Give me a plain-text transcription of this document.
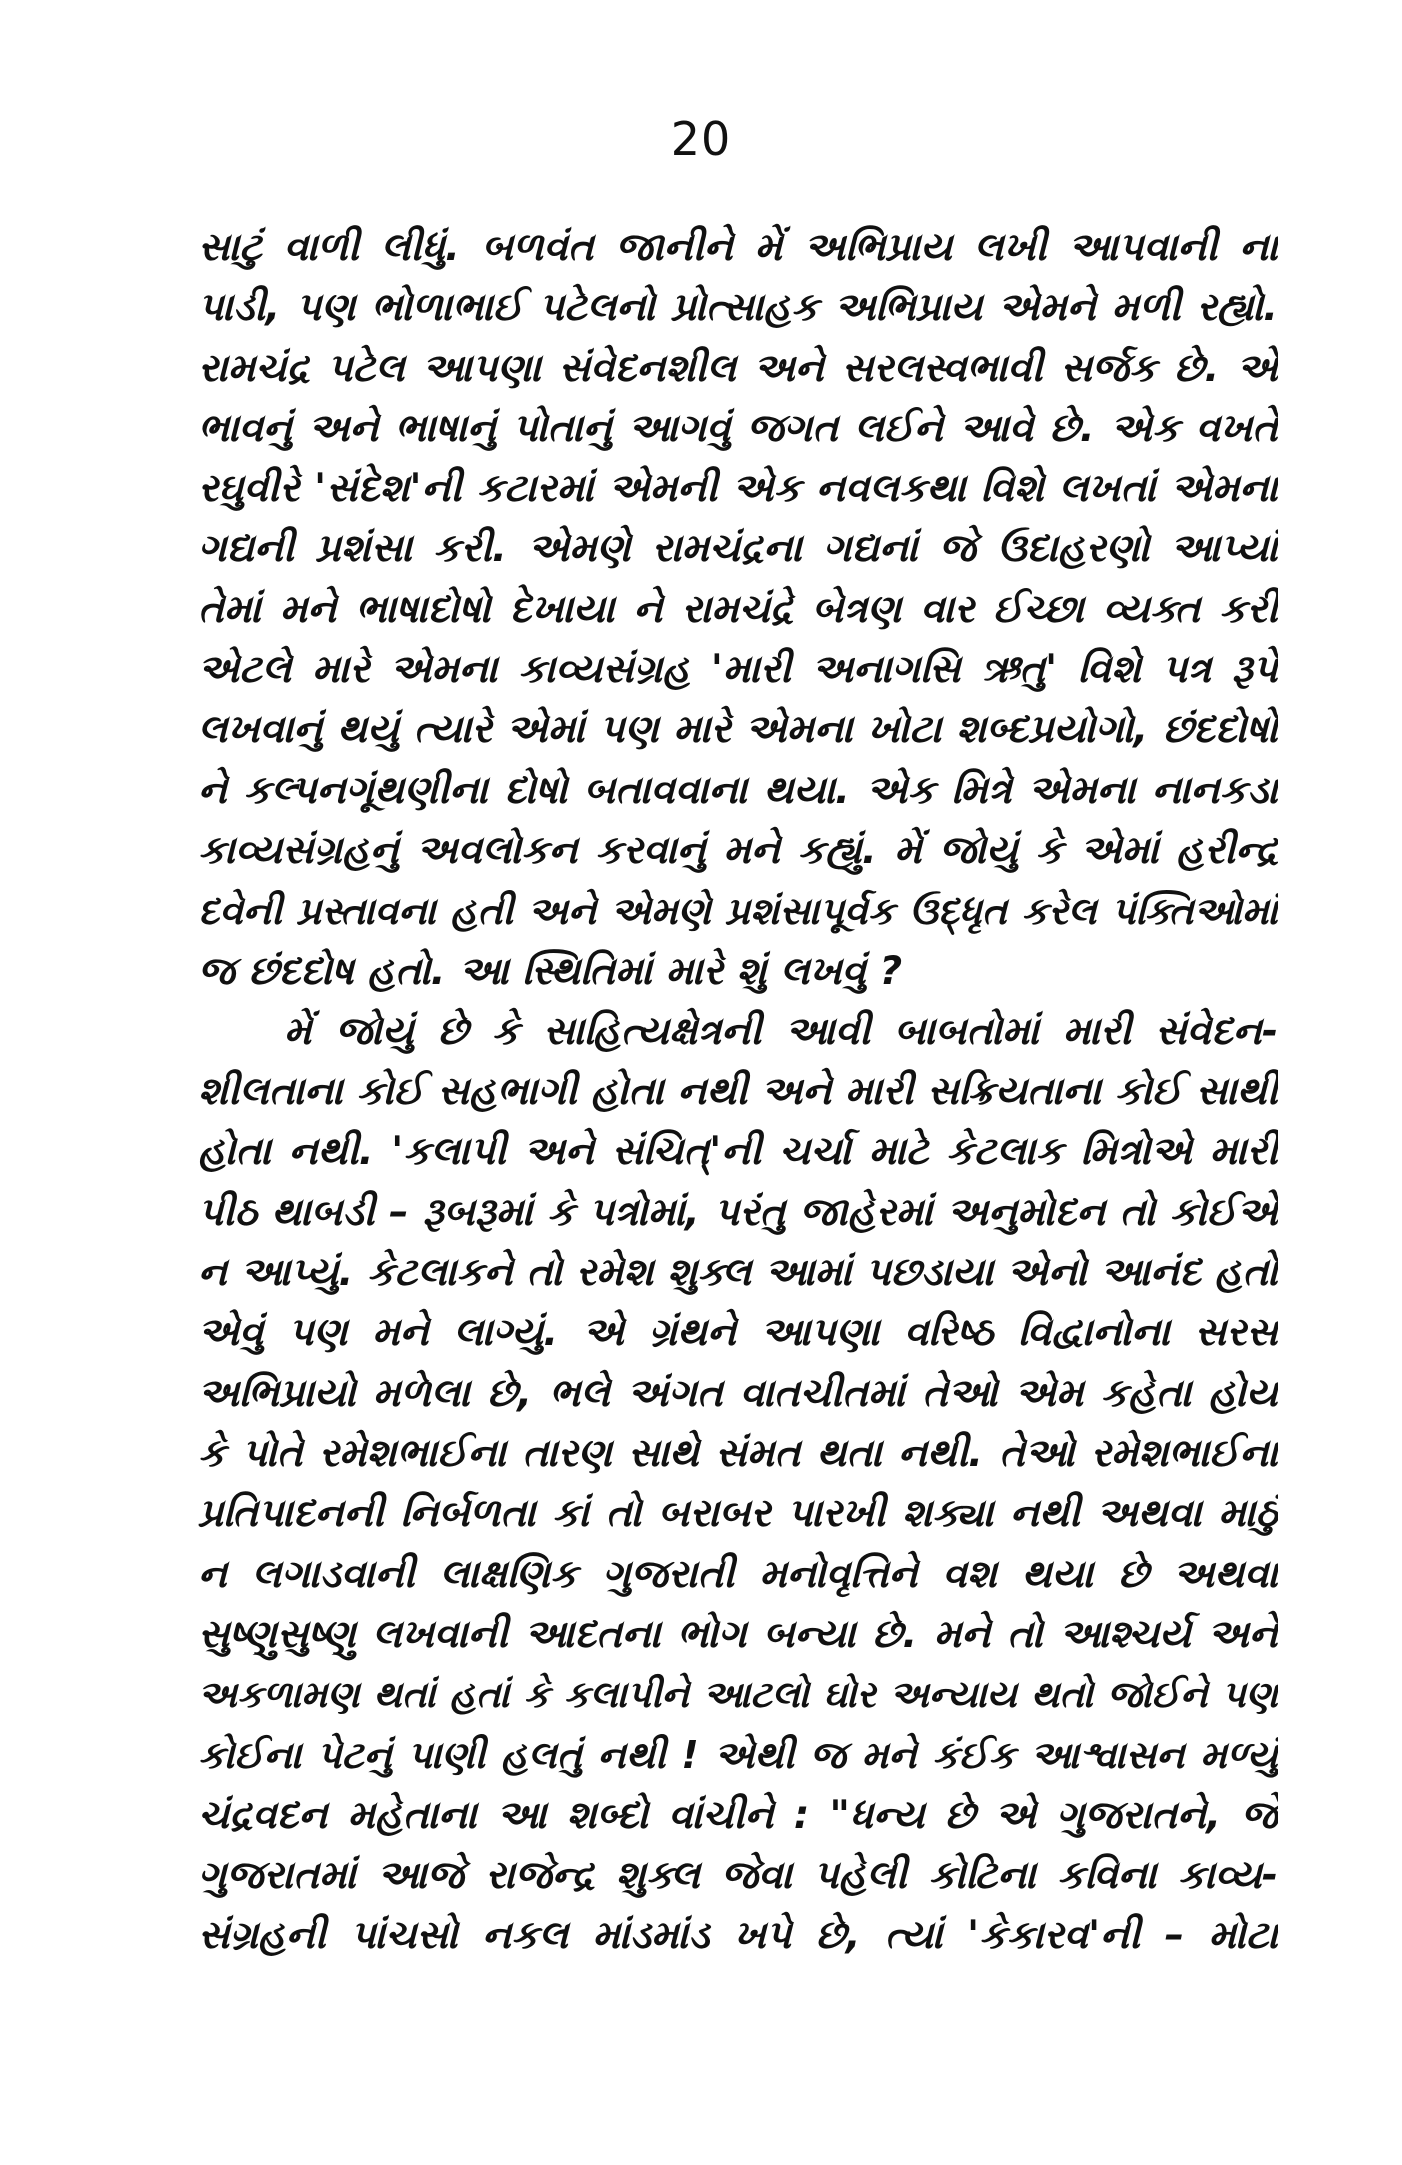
20
સાટું વાળી લીધું. બળવંત જાનીને મેં અભિપ્રાય લખી આપવાની ના
પાડી, પણ ભોળાભાઈ પટેલનો પ્રોત્સાહક અભિપ્રાય એમને મળી રહ્યો.
રામચંદ્ર પટેલ આપણા સંવેદનશીલ અને સરલસ્વભાવી સર્જક છે. એ
ભાવનું અને ભાષાનું પોતાનું આગવું જગત લઈને આવે છે. એક વખતે
રઘુવીરે 'સંદેશ'ની કટારમાં એમની એક નવલકથા વિશે લખતાં એમના
ગદ્યની પ્રશંસા કરી. એમણે રામચંદ્રના ગદ્યનાં જે ઉદાહરણો આપ્યાં
તેમાં મને ભાષાદોષો દેખાયા ને રામચંદ્રે બેત્રણ વાર ઈચ્છા વ્યક્ત કરી
એટલે મારે એમના કાવ્યસંગ્રહ 'મારી અનાગસિ ઋતુ' વિશે પત્ર રૂપે
લખવાનું થયું ત્યારે એમાં પણ મારે એમના ખોટા શબ્દપ્રયોગો, છંદદોષો
ને કલ્પનગૂંથણીના દોષો બતાવવાના થયા. એક મિત્રે એમના નાનકડા
કાવ્યસંગ્રહનું અવલોકન કરવાનું મને કહ્યું. મેં જોયું કે એમાં હરીન્દ્ર
દવેની પ્રસ્તાવના હતી અને એમણે પ્રશંસાપૂર્વક ઉદ્ધૃત કરેલ પંક્તિઓમાં
જ છંદદોષ હતો. આ સ્થિતિમાં મારે શું લખવું ?
મેં જોયું છે કે સાહિત્યક્ષેત્રની આવી બાબતોમાં મારી સંવેદન-
શીલતાના કોઈ સહભાગી હોતા નથી અને મારી સક્રિયતાના કોઈ સાથી
હોતા નથી. 'કલાપી અને સંચિત્'ની ચર્ચા માટે કેટલાક મિત્રોએ મારી
પીઠ થાબડી – રૂબરૂમાં કે પત્રોમાં, પરંતુ જાહેરમાં અનુમોદન તો કોઈએ
ન આપ્યું. કેટલાકને તો રમેશ શુક્લ આમાં પછડાયા એનો આનંદ હતો
એવું પણ મને લાગ્યું. એ ગ્રંથને આપણા વરિષ્ઠ વિદ્વાનોના સરસ
અભિપ્રાયો મળેલા છે, ભલે અંગત વાતચીતમાં તેઓ એમ કહેતા હોય
કે પોતે રમેશભાઈના તારણ સાથે સંમત થતા નથી. તેઓ રમેશભાઈના
પ્રતિપાદનની નિર્બળતા કાં તો બરાબર પારખી શક્યા નથી અથવા માઠું
ન લગાડવાની લાક્ષણિક ગુજરાતી મનોવૃત્તિને વશ થયા છે અથવા
સુષ્ણુસુષ્ણુ લખવાની આદતના ભોગ બન્યા છે. મને તો આશ્ચર્ય અને
અકળામણ થતાં હતાં કે કલાપીને આટલો ઘોર અન્યાય થતો જોઈને પણ
કોઈના પેટનું પાણી હલતું નથી ! એથી જ મને કંઈક આશ્વાસન મળ્યું
ચંદ્રવદન મહેતાના આ શબ્દો વાંચીને : "ધન્ય છે એ ગુજરાતને, જે
ગુજરાતમાં આજે રાજેન્દ્ર શુક્લ જેવા પહેલી કોટિના કવિના કાવ્ય-
સંગ્રહની પાંચસો નકલ માંડમાંડ ખપે છે, ત્યાં 'કેકારવ'ની – મોટા
